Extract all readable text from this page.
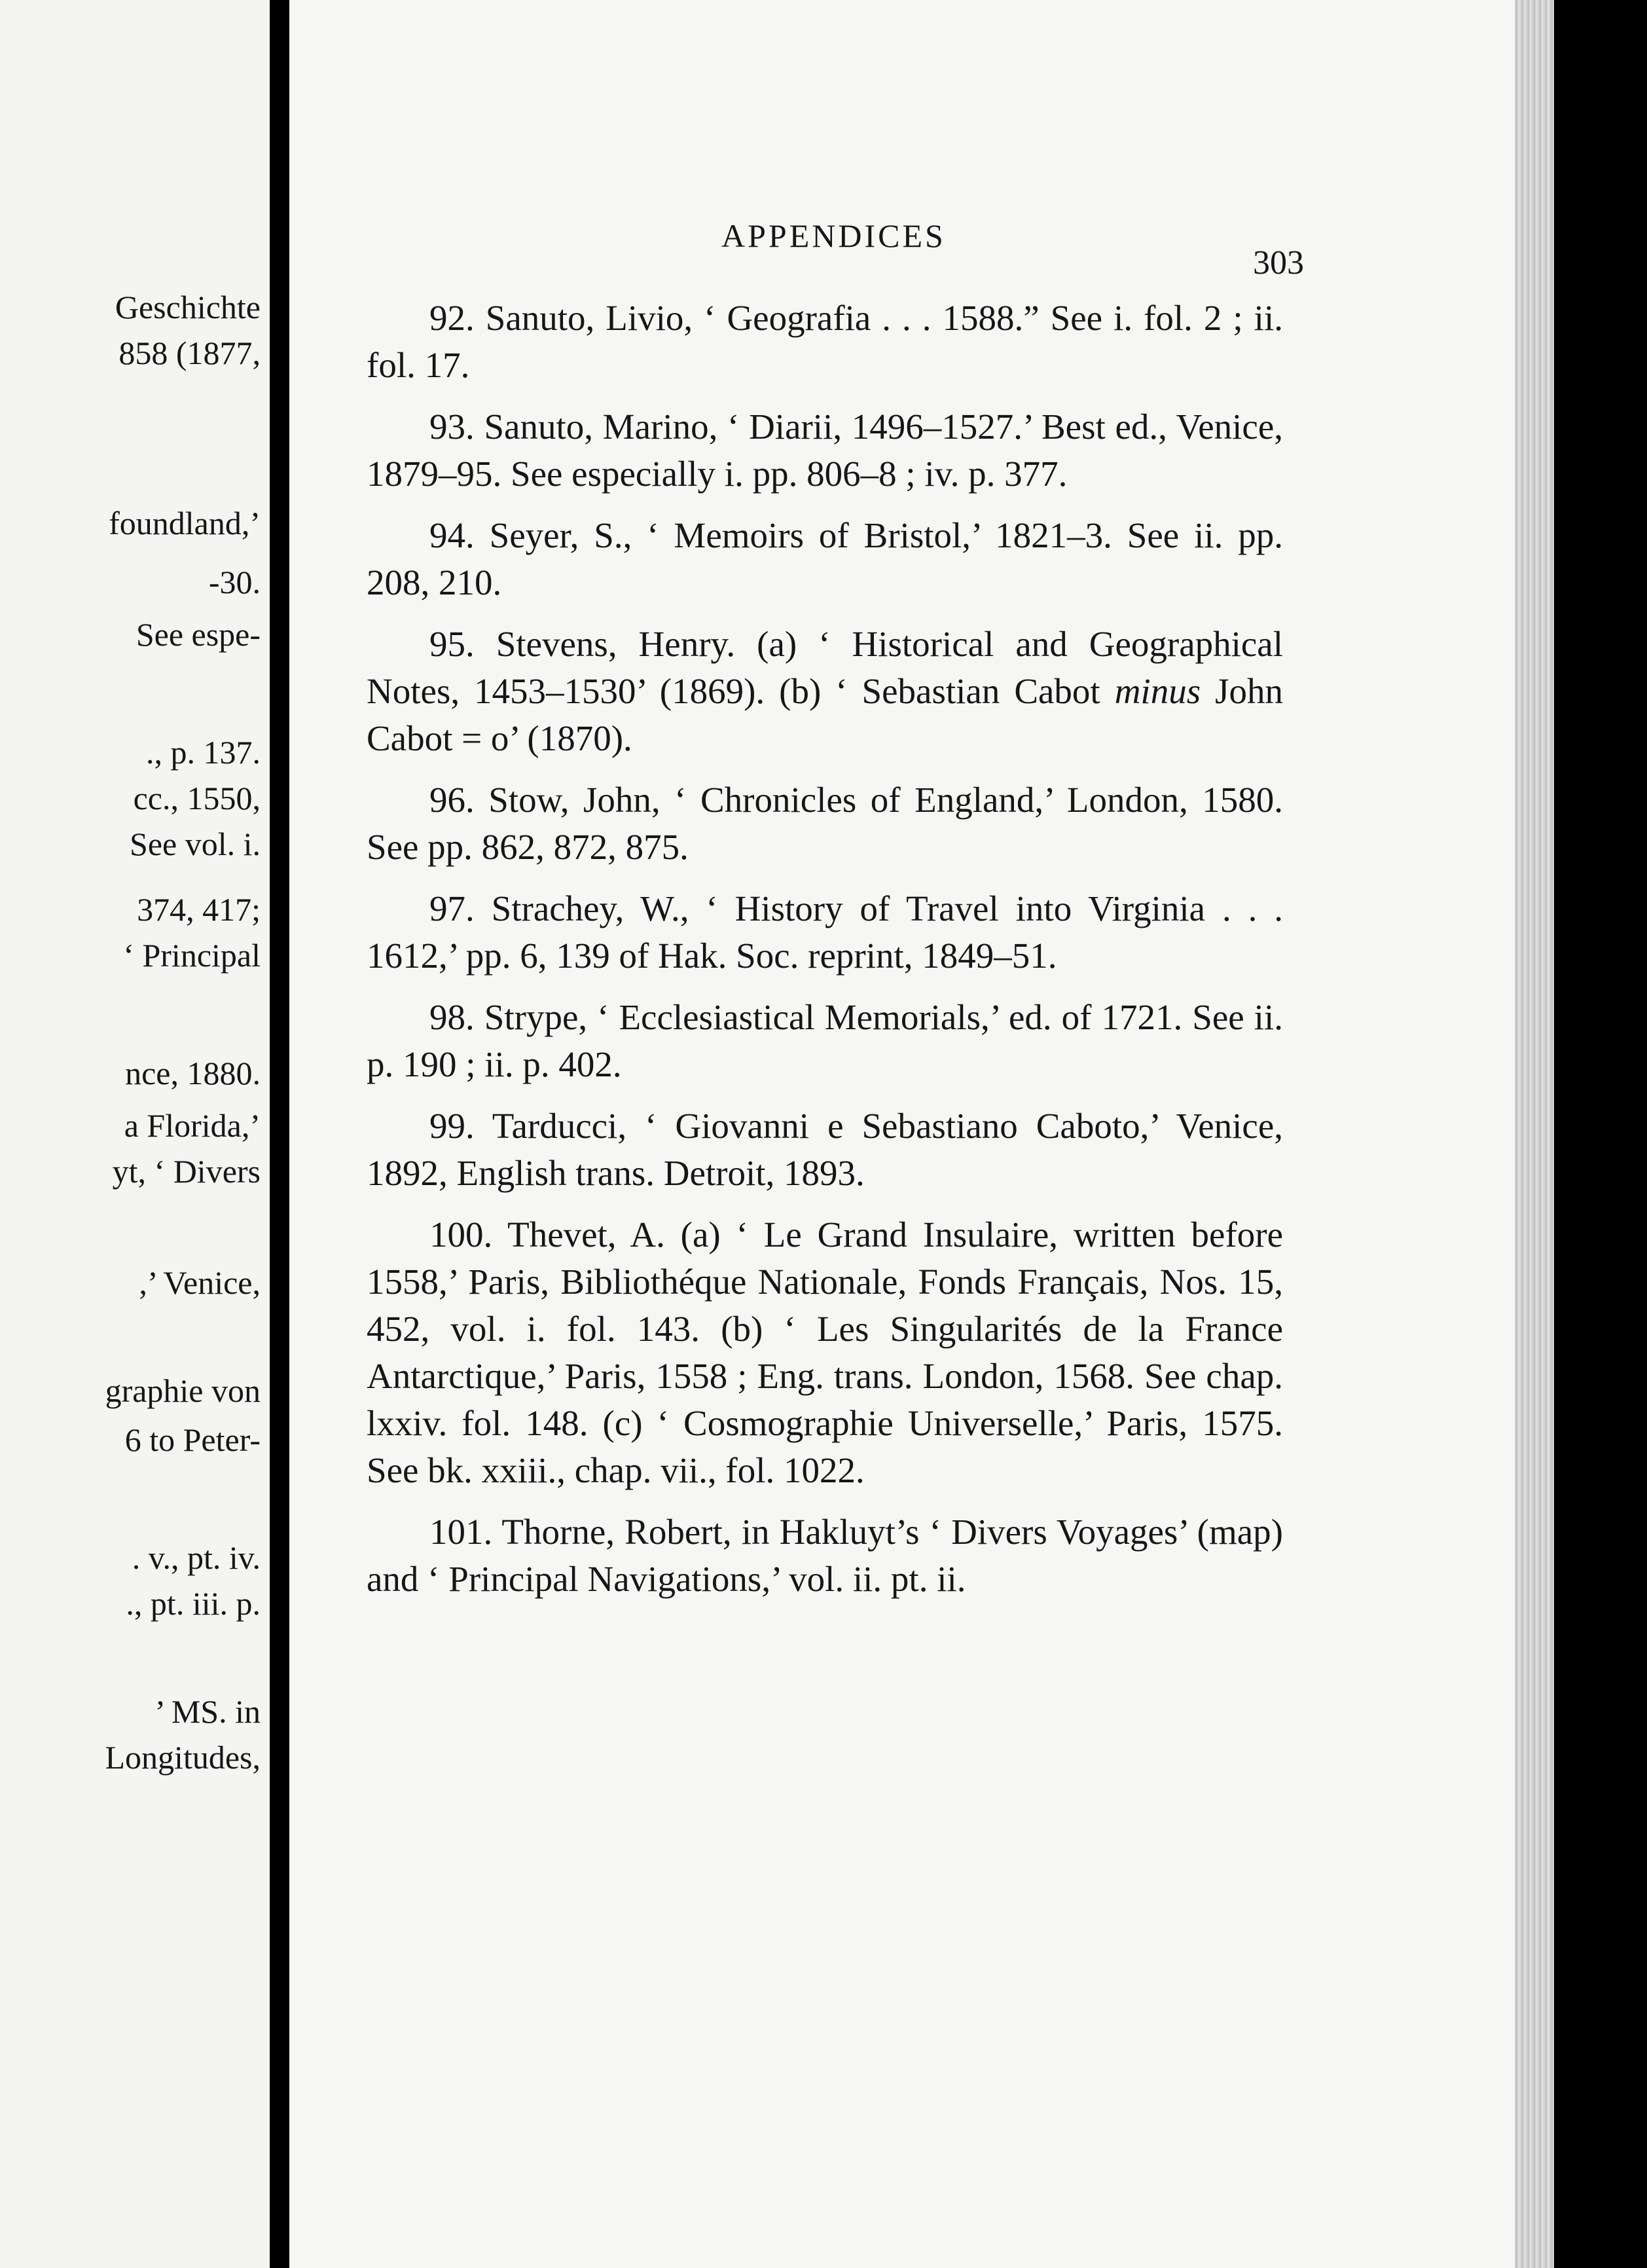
Geschichte
858 (1877,
foundland,’
-30.
See espe-
., p. 137.
cc., 1550,
See vol. i.
374, 417;
‘ Principal
nce, 1880.
a Florida,’
yt, ‘ Divers
,’ Venice,
graphie von
6 to Peter-
. v., pt. iv.
., pt. iii. p.
’ MS. in
Longitudes,
APPENDICES
303

92. Sanuto, Livio, ‘ Geografia . . . 1588.” See i. fol. 2 ; ii. fol. 17.

93. Sanuto, Marino, ‘ Diarii, 1496–1527.’ Best ed., Venice, 1879–95. See especially i. pp. 806–8 ; iv. p. 377.

94. Seyer, S., ‘ Memoirs of Bristol,’ 1821–3. See ii. pp. 208, 210.

95. Stevens, Henry. (a) ‘ Historical and Geographical Notes, 1453–1530’ (1869). (b) ‘ Sebastian Cabot minus John Cabot = o’ (1870).

96. Stow, John, ‘ Chronicles of England,’ London, 1580. See pp. 862, 872, 875.

97. Strachey, W., ‘ History of Travel into Virginia . . . 1612,’ pp. 6, 139 of Hak. Soc. reprint, 1849–51.

98. Strype, ‘ Ecclesiastical Memorials,’ ed. of 1721. See ii. p. 190 ; ii. p. 402.

99. Tarducci, ‘ Giovanni e Sebastiano Caboto,’ Venice, 1892, English trans. Detroit, 1893.

100. Thevet, A. (a) ‘ Le Grand Insulaire, written before 1558,’ Paris, Bibliothéque Nationale, Fonds Français, Nos. 15, 452, vol. i. fol. 143. (b) ‘ Les Singularités de la France Antarctique,’ Paris, 1558 ; Eng. trans. London, 1568. See chap. lxxiv. fol. 148. (c) ‘ Cosmographie Universelle,’ Paris, 1575. See bk. xxiii., chap. vii., fol. 1022.

101. Thorne, Robert, in Hakluyt’s ‘ Divers Voyages’ (map) and ‘ Principal Navigations,’ vol. ii. pt. ii.
